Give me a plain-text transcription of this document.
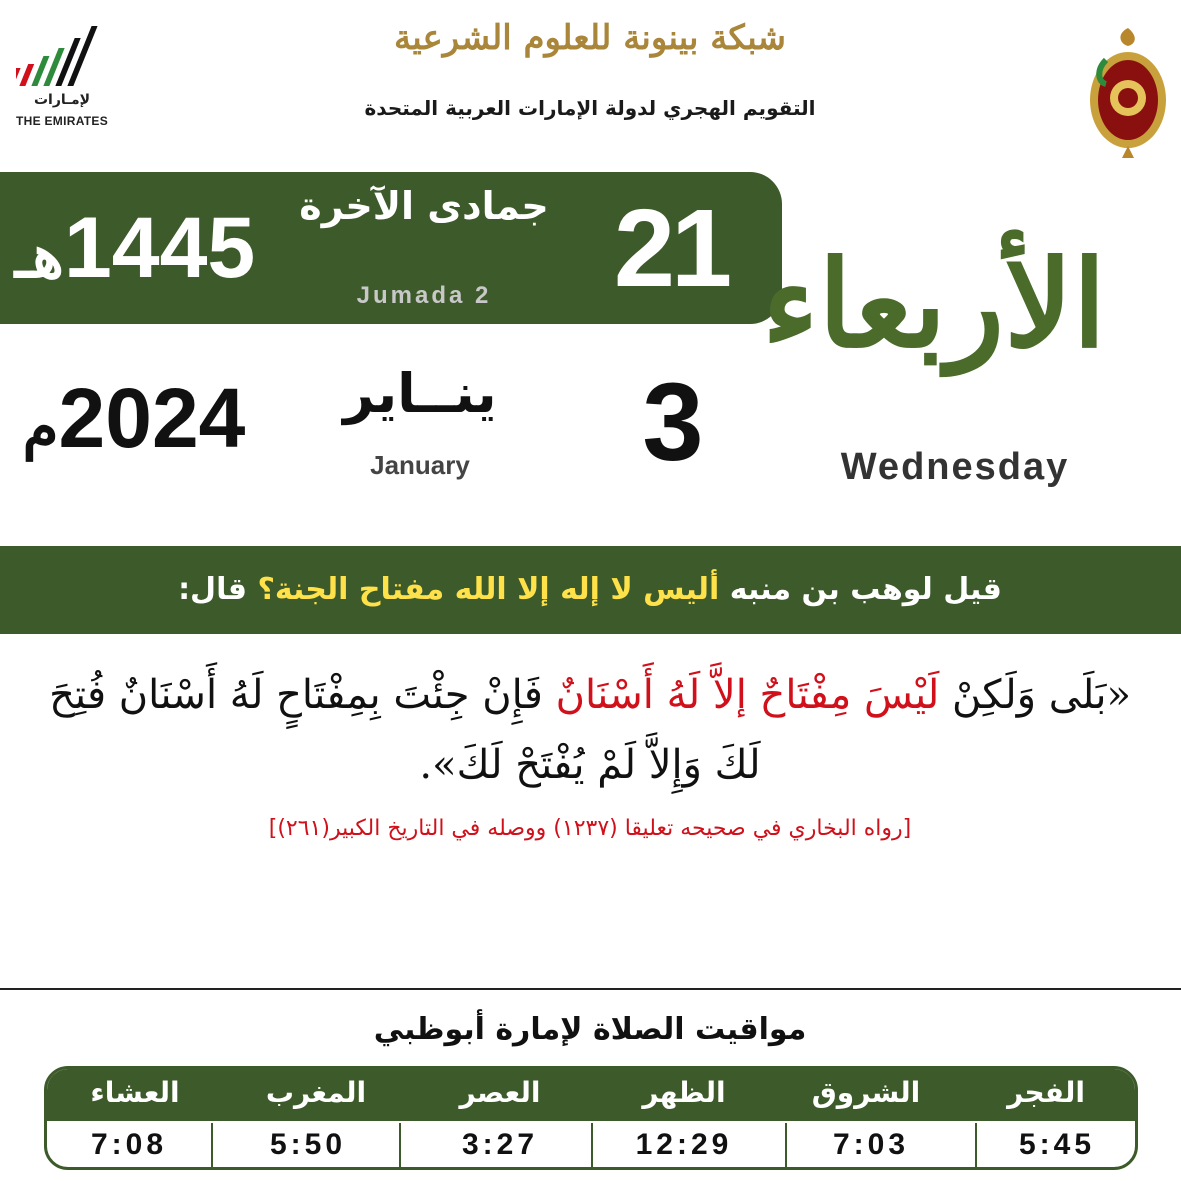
لإمـارات
THE EMIRATES
شبكة بينونة للعلوم الشرعية
التقويم الهجري لدولة الإمارات العربية المتحدة
21
جمادى الآخرة
Jumada 2
1445هـ
3
ينــاير
January
2024م
الأربعاء
Wednesday
قيل لوهب بن منبه أليس لا إله إلا الله مفتاح الجنة؟ قال:
«بَلَى وَلَكِنْ لَيْسَ مِفْتَاحٌ إلاَّ لَهُ أَسْنَانٌ فَإِنْ جِئْتَ بِمِفْتَاحٍ لَهُ أَسْنَانٌ فُتِحَ لَكَ وَإِلاَّ لَمْ يُفْتَحْ لَكَ».
[رواه البخاري في صحيحه تعليقا (١٢٣٧) ووصله في التاريخ الكبير(٢٦١)]
مواقيت الصلاة لإمارة أبوظبي
الفجر
الشروق
الظهر
العصر
المغرب
العشاء
5:45
7:03
12:29
3:27
5:50
7:08
